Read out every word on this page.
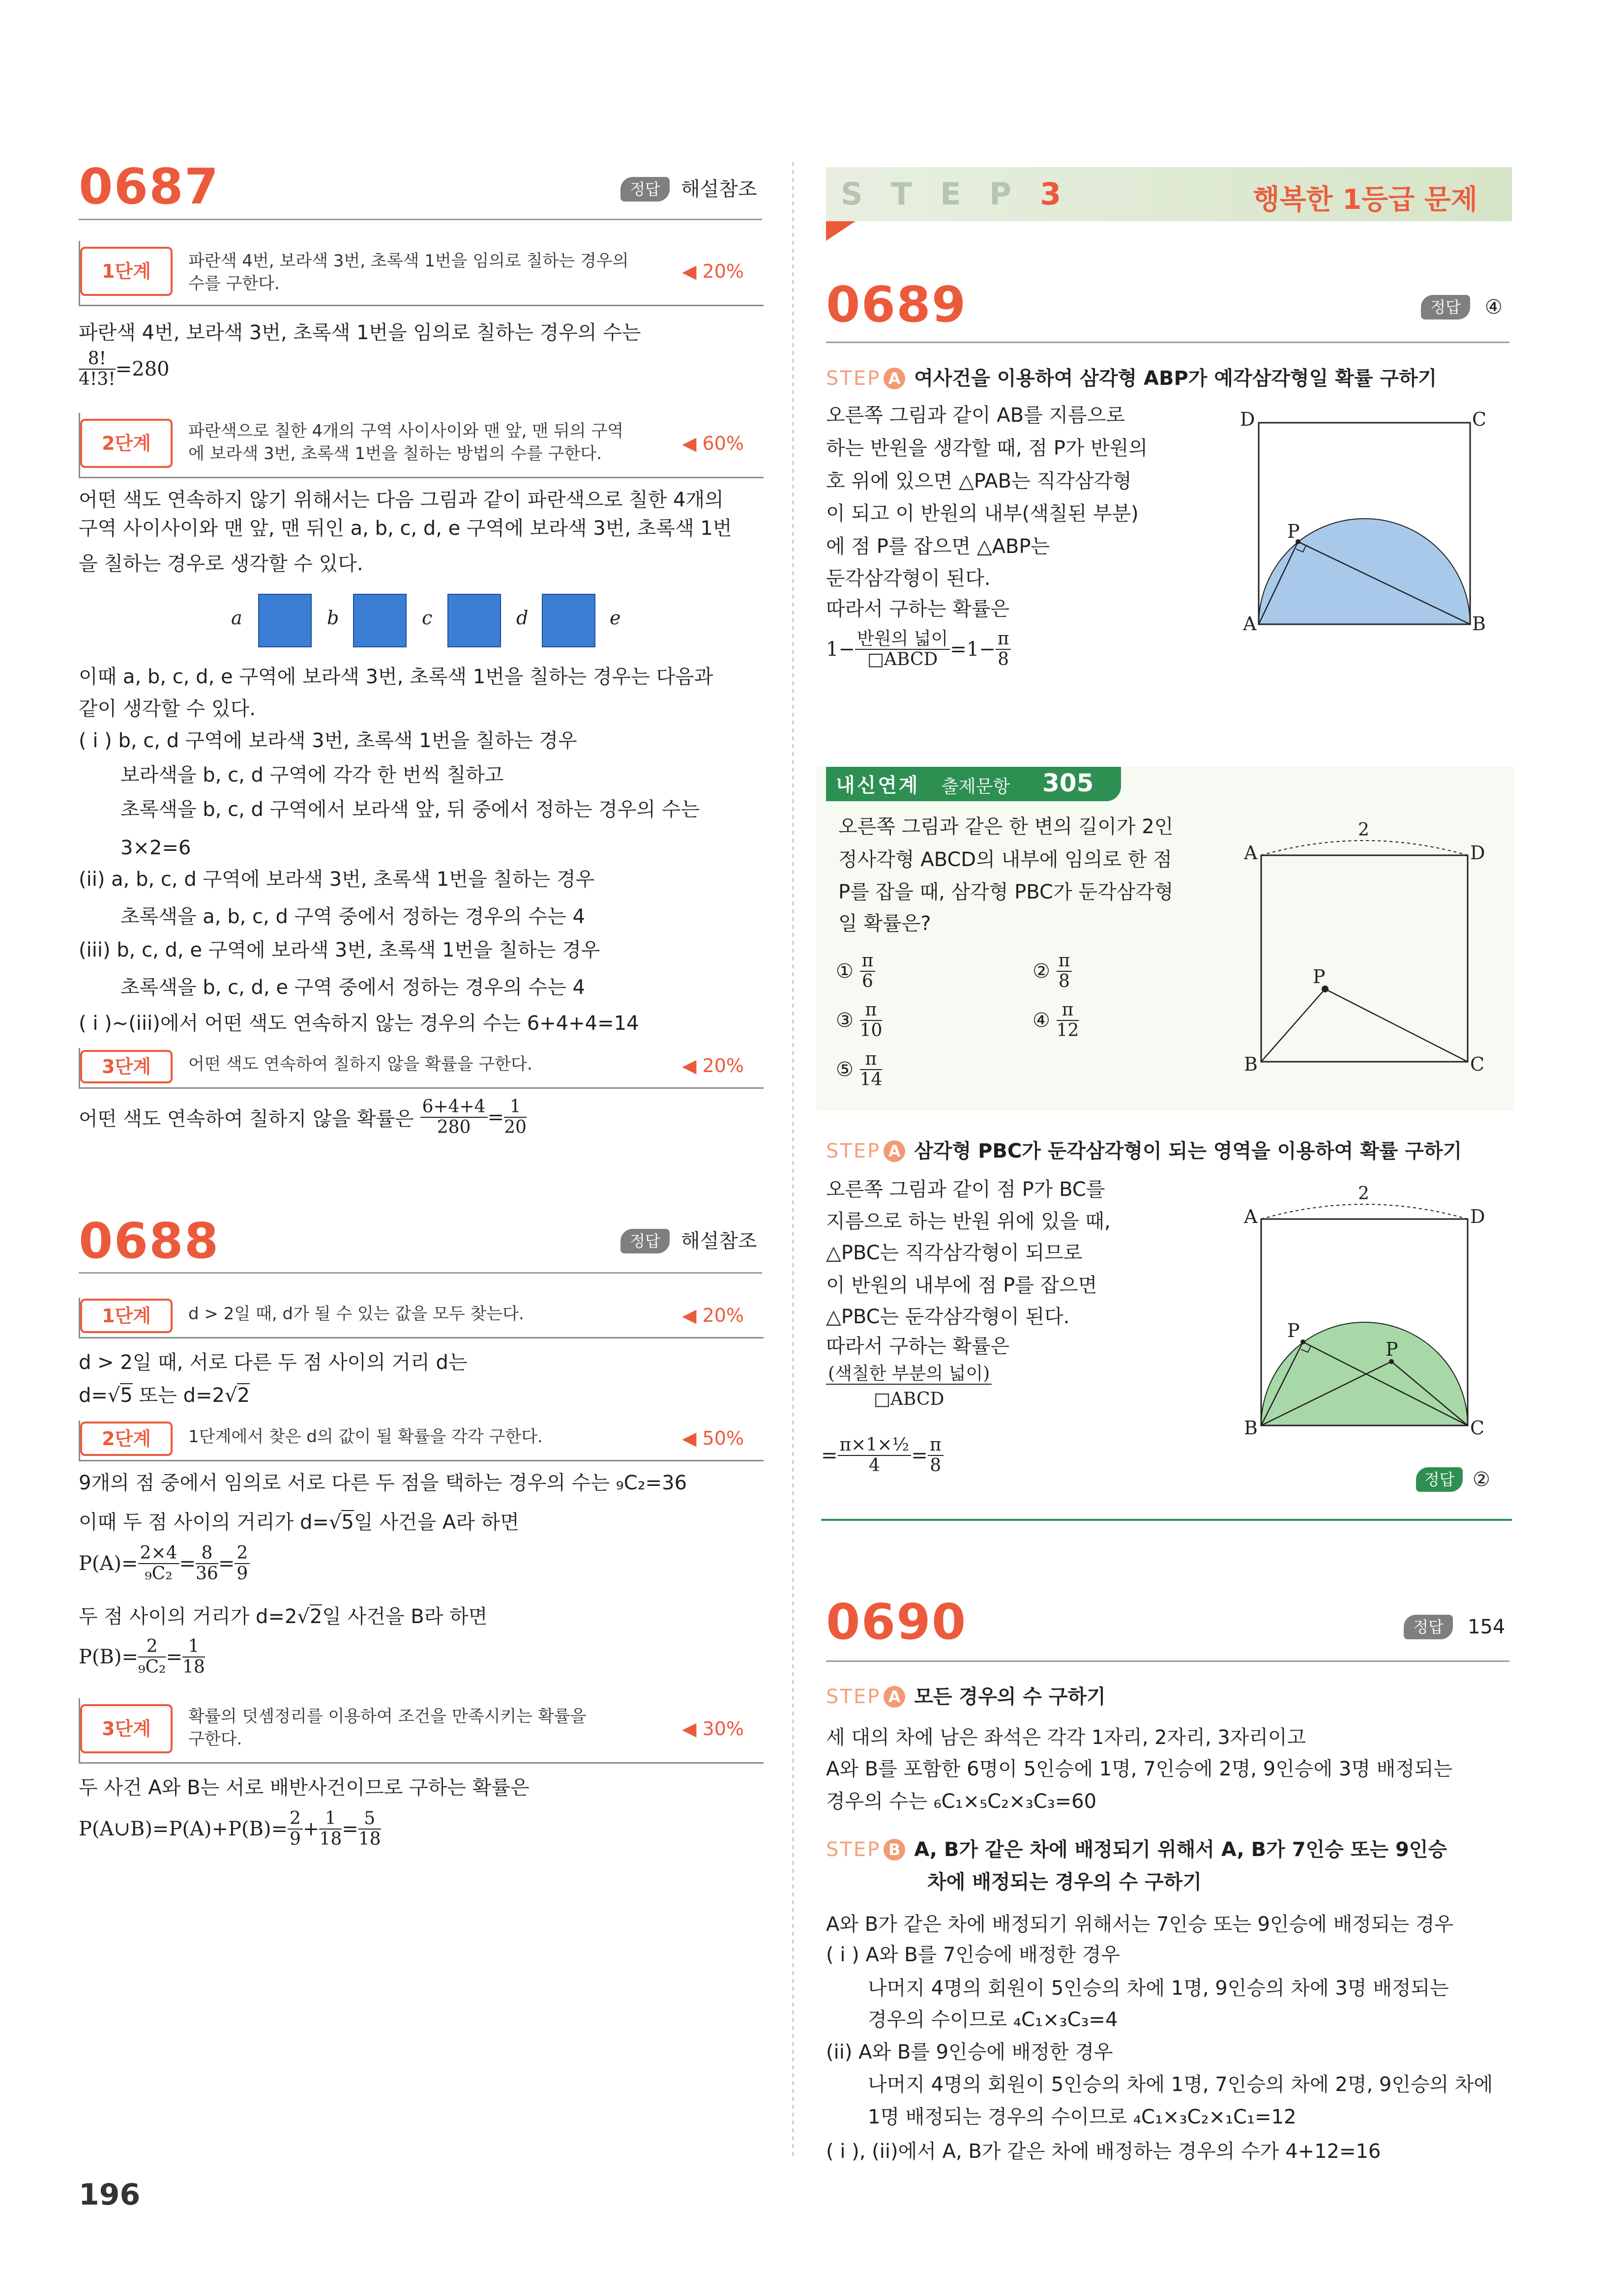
0687	정답	해설참조
1단계	파란색 4번, 보라색 3번, 초록색 1번을 임의로 칠하는 경우의
수를 구한다.
◀ 20%
파란색 4번, 보라색 3번, 초록색 1번을 임의로 칠하는 경우의 수는
$\frac{8!}{4!3!} =280$
2단계
파란색으로 칠한 4개의 구역 사이사이와 맨 앞, 맨 뒤의 구역
에 보라색 3번, 초록색 1번을 칠하는 방법의 수를 구한다.	◀ 60%
어떤 색도 연속하지 않기 위해서는 다음 그림과 같이 파란색으로 칠한 4개의
구역 사이사이와 맨 앞, 맨 뒤인 a, b, c, d, e 구역에 보라색 3번, 초록색 1번
을 칠하는 경우로 생각할 수 있다.
a	b	c	d	e
이때 a, b, c, d, e 구역에 보라색 3번, 초록색 1번을 칠하는 경우는 다음과
같이 생각할 수 있다.
( i ) b, c, d 구역에 보라색 3번, 초록색 1번을 칠하는 경우
보라색을 b, c, d 구역에 각각 한 번씩 칠하고
초록색을 b, c, d 구역에서 보라색 앞, 뒤 중에서 정하는 경우의 수는
3×2=6
(ii) a, b, c, d 구역에 보라색 3번, 초록색 1번을 칠하는 경우
초록색을 a, b, c, d 구역 중에서 정하는 경우의 수는 4
(iii) b, c, d, e 구역에 보라색 3번, 초록색 1번을 칠하는 경우
초록색을 b, c, d, e 구역 중에서 정하는 경우의 수는 4
( i )~(iii)에서 어떤 색도 연속하지 않는 경우의 수는 6+4+4=14
3단계	어떤 색도 연속하여 칠하지 않을 확률을 구한다.	◀ 20%
어떤 색도 연속하여 칠하지 않을 확률은 $\frac{6+4+4}{280} = \frac{1}{20}$
0688	정답	해설참조
1단계	d > 2일 때, d가 될 수 있는 값을 모두 찾는다.	◀ 20%
d > 2일 때, 서로 다른 두 점 사이의 거리 d는
d=√5 또는 d=2√2
2단계	1단계에서 찾은 d의 값이 될 확률을 각각 구한다.	◀ 50%
9개의 점 중에서 임의로 서로 다른 두 점을 택하는 경우의 수는 ₉C₂=36
이때 두 점 사이의 거리가 d=√5일 사건을 A라 하면
$P(A)= \frac{2\times 4}{\text{₉C₂}} = \frac{8}{36} = \frac{2}{9}$
두 점 사이의 거리가 d=2√2일 사건을 B라 하면
$P(B)= \frac{2}{\text{₉C₂}} = \frac{1}{18}$
3단계
확률의 덧셈정리를 이용하여 조건을 만족시키는 확률을
구한다.	◀ 30%
두 사건 A와 B는 서로 배반사건이므로 구하는 확률은
P(A∪B)=P(A)+P(B)= $\frac{2}{9} + \frac{1}{18} = \frac{5}{18}$
196
S T E P 3	행복한 1등급 문제
0689	정답	④
STEP A 여사건을 이용하여 삼각형 ABP가 예각삼각형일 확률 구하기
오른쪽 그림과 같이 AB를 지름으로
하는 반원을 생각할 때, 점 P가 반원의
호 위에 있으면 △PAB는 직각삼각형
이 되고 이 반원의 내부(색칠된 부분)
에 점 P를 잡으면 △ABP는
둔각삼각형이 된다.
따라서 구하는 확률은
$1- \frac{\text{반원의 넓이}}{\text{□ABCD}} =1- \frac{\pi}{8}$
A	B
C
D
P
내신연계 출제문항 305
오른쪽 그림과 같은 한 변의 길이가 2인
정사각형 ABCD의 내부에 임의로 한 점
P를 잡을 때, 삼각형 PBC가 둔각삼각형
일 확률은?
① $\frac{\pi}{6}$	② $\frac{\pi}{8}$
③ $\frac{\pi}{10}$	④ $\frac{\pi}{12}$
⑤ $\frac{\pi}{14}$
2
A	D
B	C
P
STEP A 삼각형 PBC가 둔각삼각형이 되는 영역을 이용하여 확률 구하기
오른쪽 그림과 같이 점 P가 BC를
지름으로 하는 반원 위에 있을 때,
△PBC는 직각삼각형이 되므로
이 반원의 내부에 점 P를 잡으면
△PBC는 둔각삼각형이 된다.
따라서 구하는 확률은
$\frac{\text{(색칠한 부분의 넓이)}}{\text{□ABCD}}$
= $\frac{\text{π×1×½}}{4} = \frac{\pi}{8}$
2
A	D
B	C
P
P
정답 ②
0690	정답	154
STEP A 모든 경우의 수 구하기
세 대의 차에 남은 좌석은 각각 1자리, 2자리, 3자리이고
A와 B를 포함한 6명이 5인승에 1명, 7인승에 2명, 9인승에 3명 배정되는
경우의 수는 ₆C₁×₅C₂×₃C₃=60
STEP B A, B가 같은 차에 배정되기 위해서 A, B가 7인승 또는 9인승
차에 배정되는 경우의 수 구하기
A와 B가 같은 차에 배정되기 위해서는 7인승 또는 9인승에 배정되는 경우
( i ) A와 B를 7인승에 배정한 경우
나머지 4명의 회원이 5인승의 차에 1명, 9인승의 차에 3명 배정되는
경우의 수이므로 ₄C₁×₃C₃=4
(ii) A와 B를 9인승에 배정한 경우
나머지 4명의 회원이 5인승의 차에 1명, 7인승의 차에 2명, 9인승의 차에
1명 배정되는 경우의 수이므로 ₄C₁×₃C₂×₁C₁=12
( i ), (ii)에서 A, B가 같은 차에 배정하는 경우의 수가 4+12=16
